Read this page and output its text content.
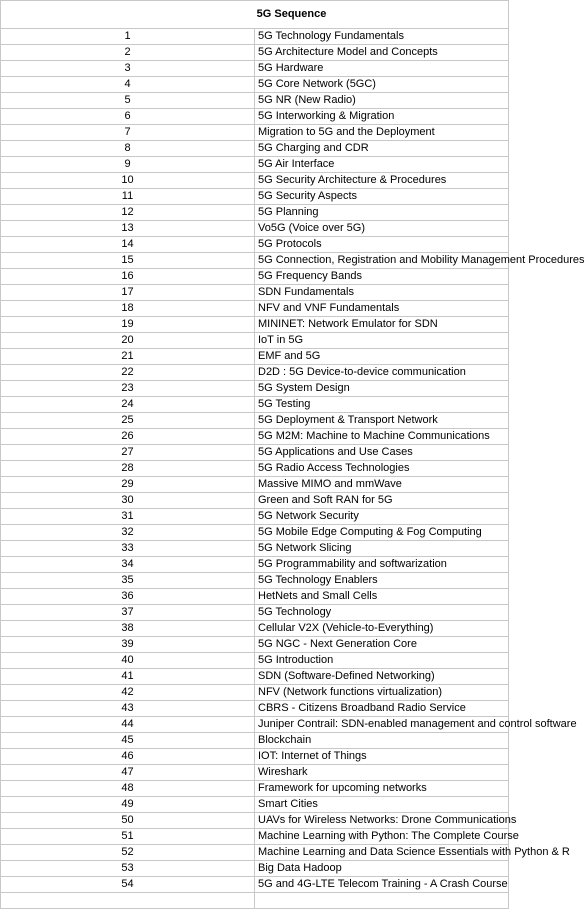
5G Sequence	
1	5G Technology Fundamentals
2	5G Architecture Model and Concepts
3	5G Hardware
4	5G Core Network (5GC)
5	5G NR (New Radio)
6	5G Interworking & Migration
7	Migration to 5G and the Deployment
8	5G Charging and CDR
9	5G Air Interface
10	5G Security Architecture & Procedures
11	5G Security Aspects
12	5G Planning
13	Vo5G (Voice over 5G)
14	5G Protocols
15	5G Connection, Registration and Mobility Management Procedures
16	5G Frequency Bands
17	SDN Fundamentals
18	NFV and VNF Fundamentals
19	MININET: Network Emulator for SDN
20	IoT in 5G
21	EMF and 5G
22	D2D : 5G Device-to-device communication
23	5G System Design
24	5G Testing
25	5G Deployment & Transport Network
26	5G M2M: Machine to Machine Communications
27	5G Applications and Use Cases
28	5G Radio Access Technologies
29	Massive MIMO and mmWave
30	Green and Soft RAN for 5G
31	5G Network Security
32	5G Mobile Edge Computing & Fog Computing
33	5G Network Slicing
34	5G Programmability and softwarization
35	5G Technology Enablers
36	HetNets and Small Cells
37	5G Technology
38	Cellular V2X (Vehicle-to-Everything)
39	5G NGC - Next Generation Core
40	5G Introduction
41	SDN (Software-Defined Networking)
42	NFV (Network functions virtualization)
43	CBRS - Citizens Broadband Radio Service
44	Juniper Contrail: SDN-enabled management and control software
45	Blockchain
46	IOT: Internet of Things
47	Wireshark
48	Framework for upcoming networks
49	Smart Cities
50	UAVs for Wireless Networks: Drone Communications
51	Machine Learning with Python: The Complete Course
52	Machine Learning and Data Science Essentials with Python & R
53	Big Data Hadoop
54	5G and 4G-LTE Telecom Training - A Crash Course
